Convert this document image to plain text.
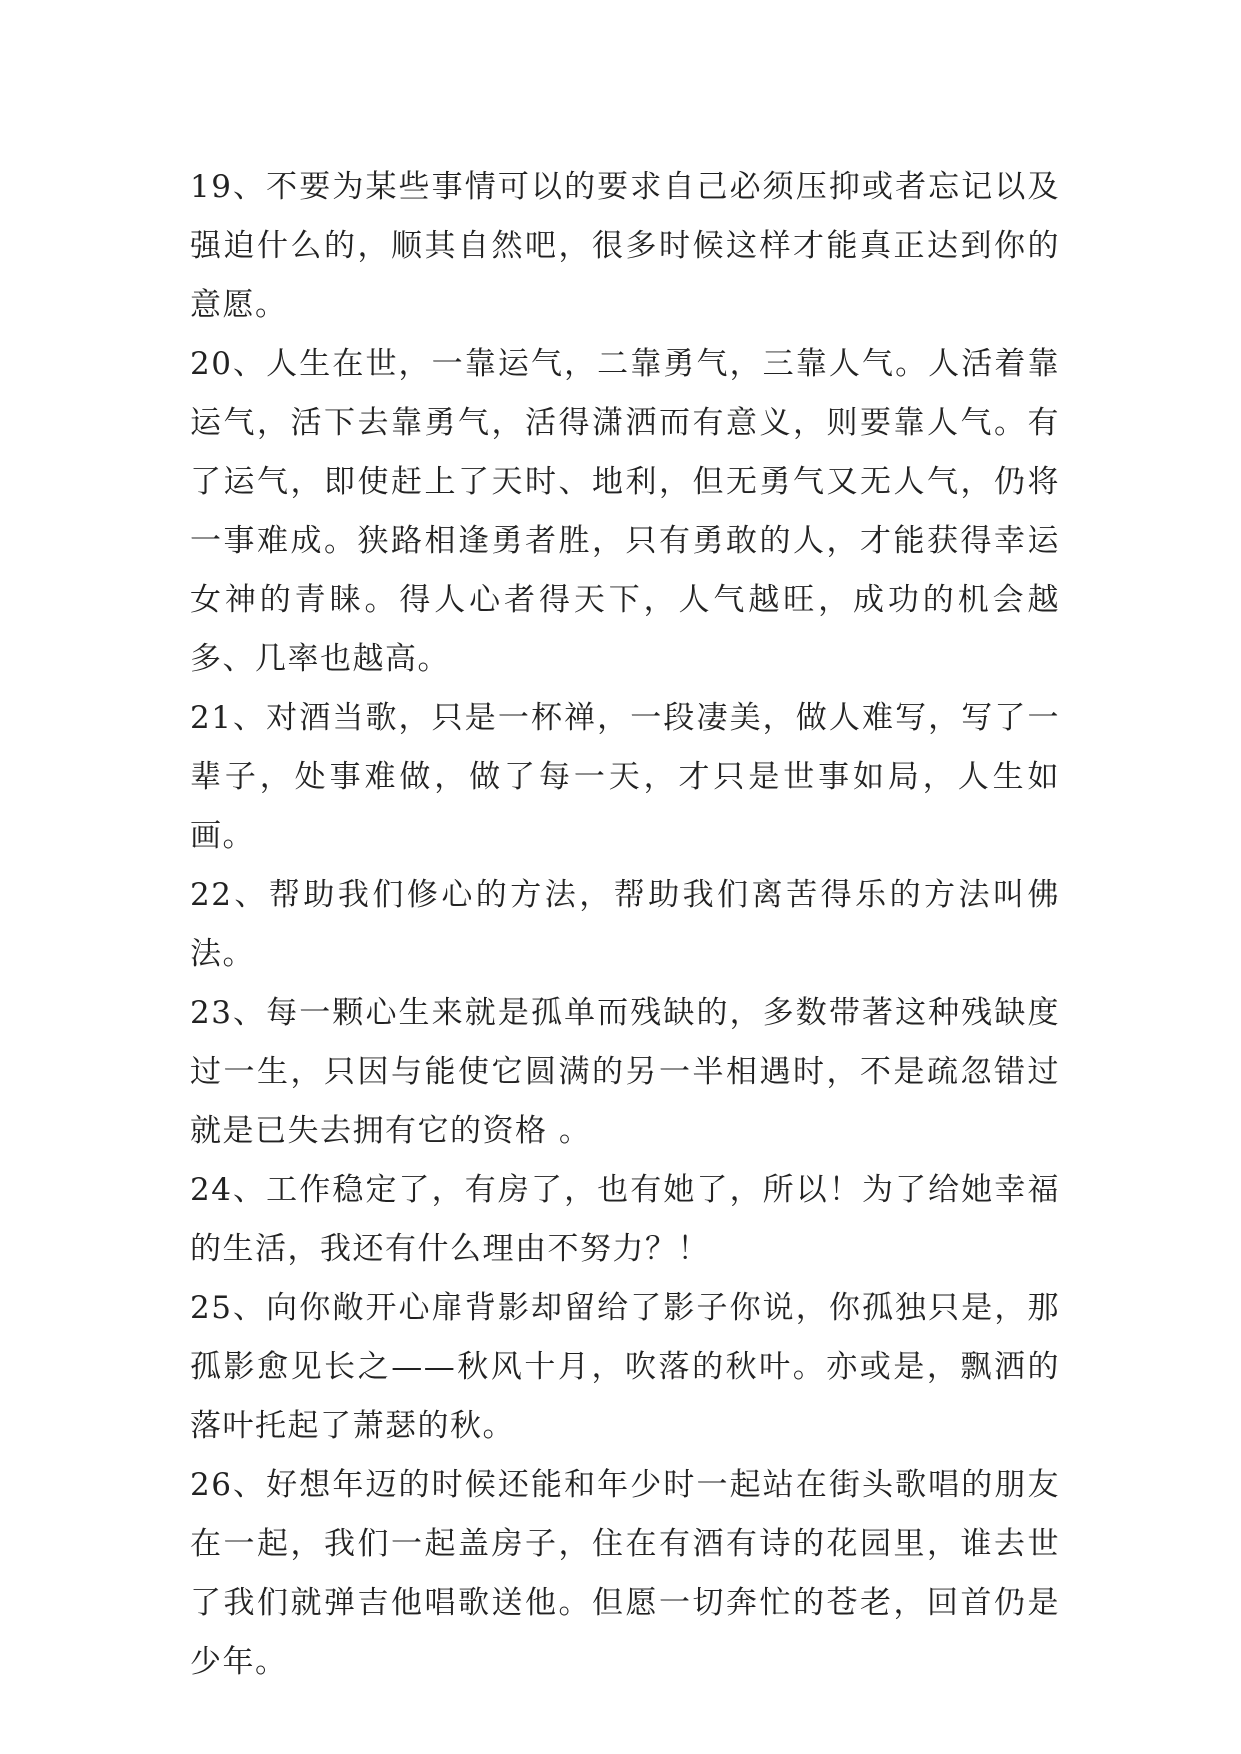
19、不要为某些事情可以的要求自己必须压抑或者忘记以及强迫什么的，顺其自然吧，很多时候这样才能真正达到你的意愿。

20、人生在世，一靠运气，二靠勇气，三靠人气。人活着靠运气，活下去靠勇气，活得潇洒而有意义，则要靠人气。有了运气，即使赶上了天时、地利，但无勇气又无人气，仍将一事难成。狭路相逢勇者胜，只有勇敢的人，才能获得幸运女神的青睐。得人心者得天下，人气越旺，成功的机会越多、几率也越高。

21、对酒当歌，只是一杯禅，一段凄美，做人难写，写了一辈子，处事难做，做了每一天，才只是世事如局，人生如画。

22、帮助我们修心的方法，帮助我们离苦得乐的方法叫佛法。

23、每一颗心生来就是孤单而残缺的，多数带著这种残缺度过一生，只因与能使它圆满的另一半相遇时，不是疏忽错过就是已失去拥有它的资格 。

24、工作稳定了，有房了，也有她了，所以！为了给她幸福的生活，我还有什么理由不努力？！

25、向你敞开心扉背影却留给了影子你说，你孤独只是，那孤影愈见长之——秋风十月，吹落的秋叶。亦或是，飘洒的落叶托起了萧瑟的秋。

26、好想年迈的时候还能和年少时一起站在街头歌唱的朋友在一起，我们一起盖房子，住在有酒有诗的花园里，谁去世了我们就弹吉他唱歌送他。但愿一切奔忙的苍老，回首仍是少年。
